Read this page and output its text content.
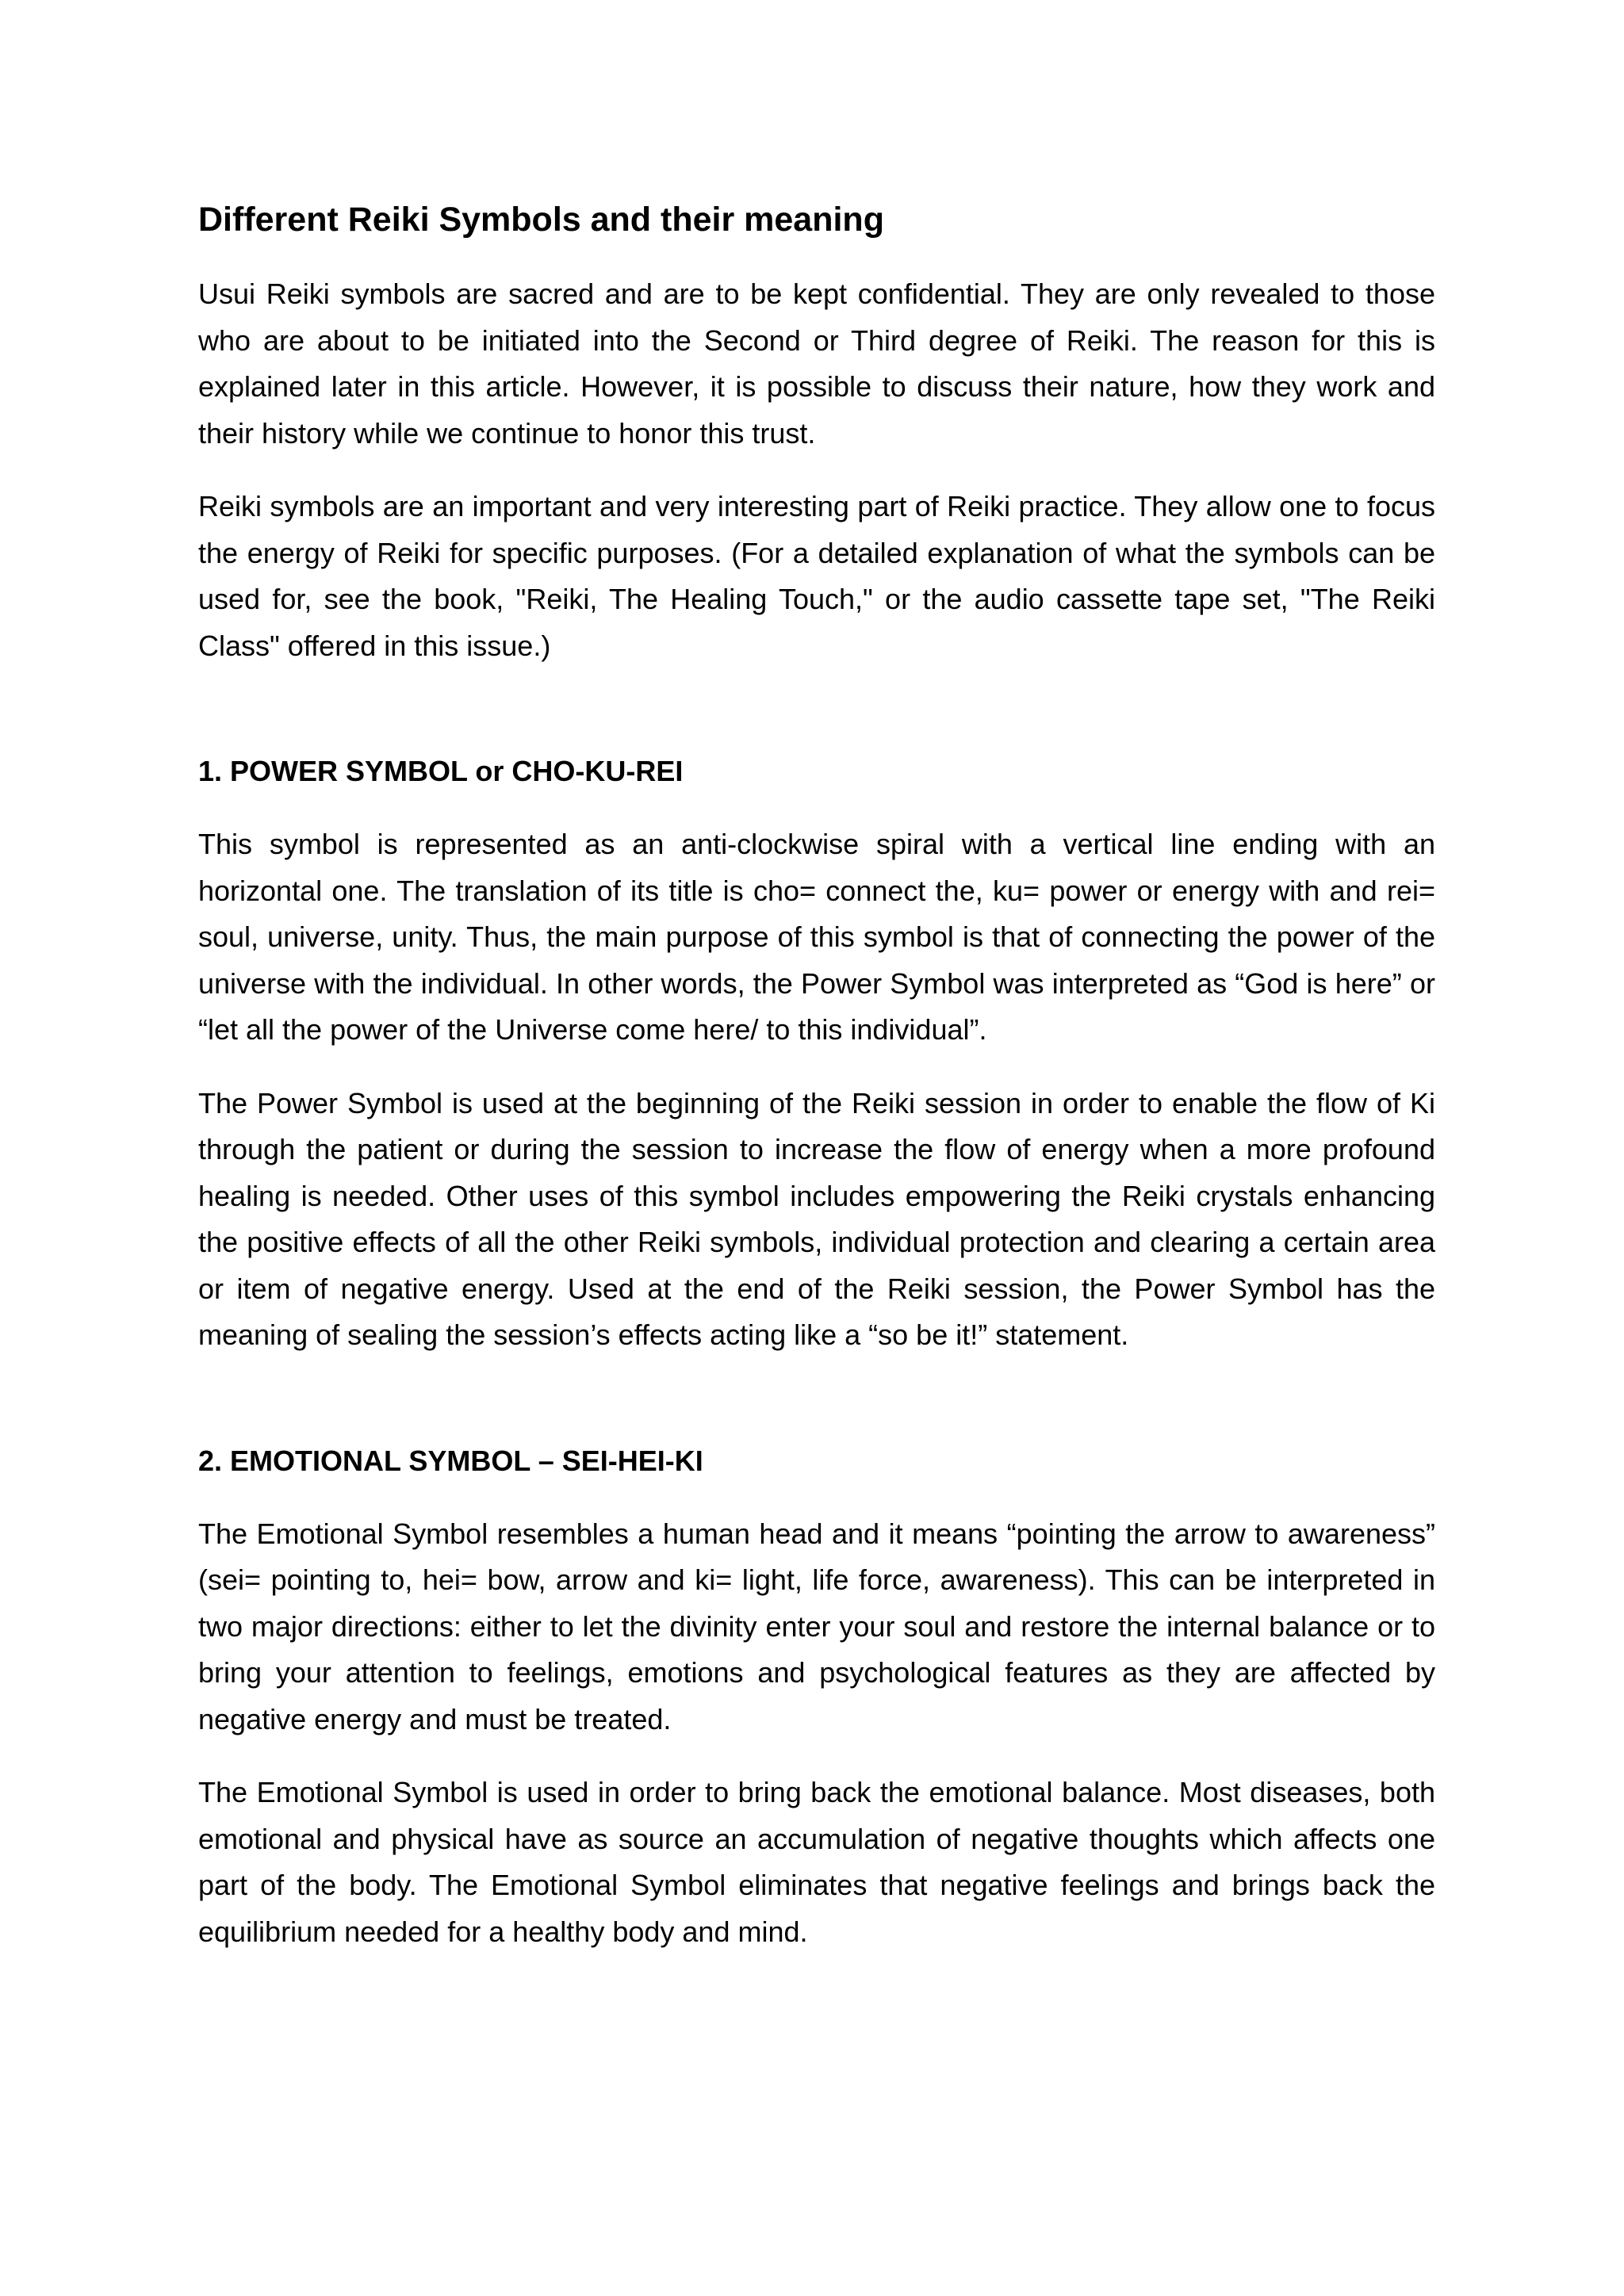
Different Reiki Symbols and their meaning

Usui Reiki symbols are sacred and are to be kept confidential. They are only revealed to those who are about to be initiated into the Second or Third degree of Reiki. The reason for this is explained later in this article. However, it is possible to discuss their nature, how they work and their history while we continue to honor this trust.

Reiki symbols are an important and very interesting part of Reiki practice. They allow one to focus the energy of Reiki for specific purposes. (For a detailed explanation of what the symbols can be used for, see the book, "Reiki, The Healing Touch," or the audio cassette tape set, "The Reiki Class" offered in this issue.)

1. POWER SYMBOL or CHO-KU-REI

This symbol is represented as an anti-clockwise spiral with a vertical line ending with an horizontal one. The translation of its title is cho= connect the, ku= power or energy with and rei= soul, universe, unity. Thus, the main purpose of this symbol is that of connecting the power of the universe with the individual. In other words, the Power Symbol was interpreted as “God is here” or “let all the power of the Universe come here/ to this individual”.

The Power Symbol is used at the beginning of the Reiki session in order to enable the flow of Ki through the patient or during the session to increase the flow of energy when a more profound healing is needed. Other uses of this symbol includes empowering the Reiki crystals enhancing the positive effects of all the other Reiki symbols, individual protection and clearing a certain area or item of negative energy. Used at the end of the Reiki session, the Power Symbol has the meaning of sealing the session’s effects acting like a “so be it!” statement.

2. EMOTIONAL SYMBOL – SEI-HEI-KI

The Emotional Symbol resembles a human head and it means “pointing the arrow to awareness” (sei= pointing to, hei= bow, arrow and ki= light, life force, awareness). This can be interpreted in two major directions: either to let the divinity enter your soul and restore the internal balance or to bring your attention to feelings, emotions and psychological features as they are affected by negative energy and must be treated.

The Emotional Symbol is used in order to bring back the emotional balance. Most diseases, both emotional and physical have as source an accumulation of negative thoughts which affects one part of the body. The Emotional Symbol eliminates that negative feelings and brings back the equilibrium needed for a healthy body and mind.
